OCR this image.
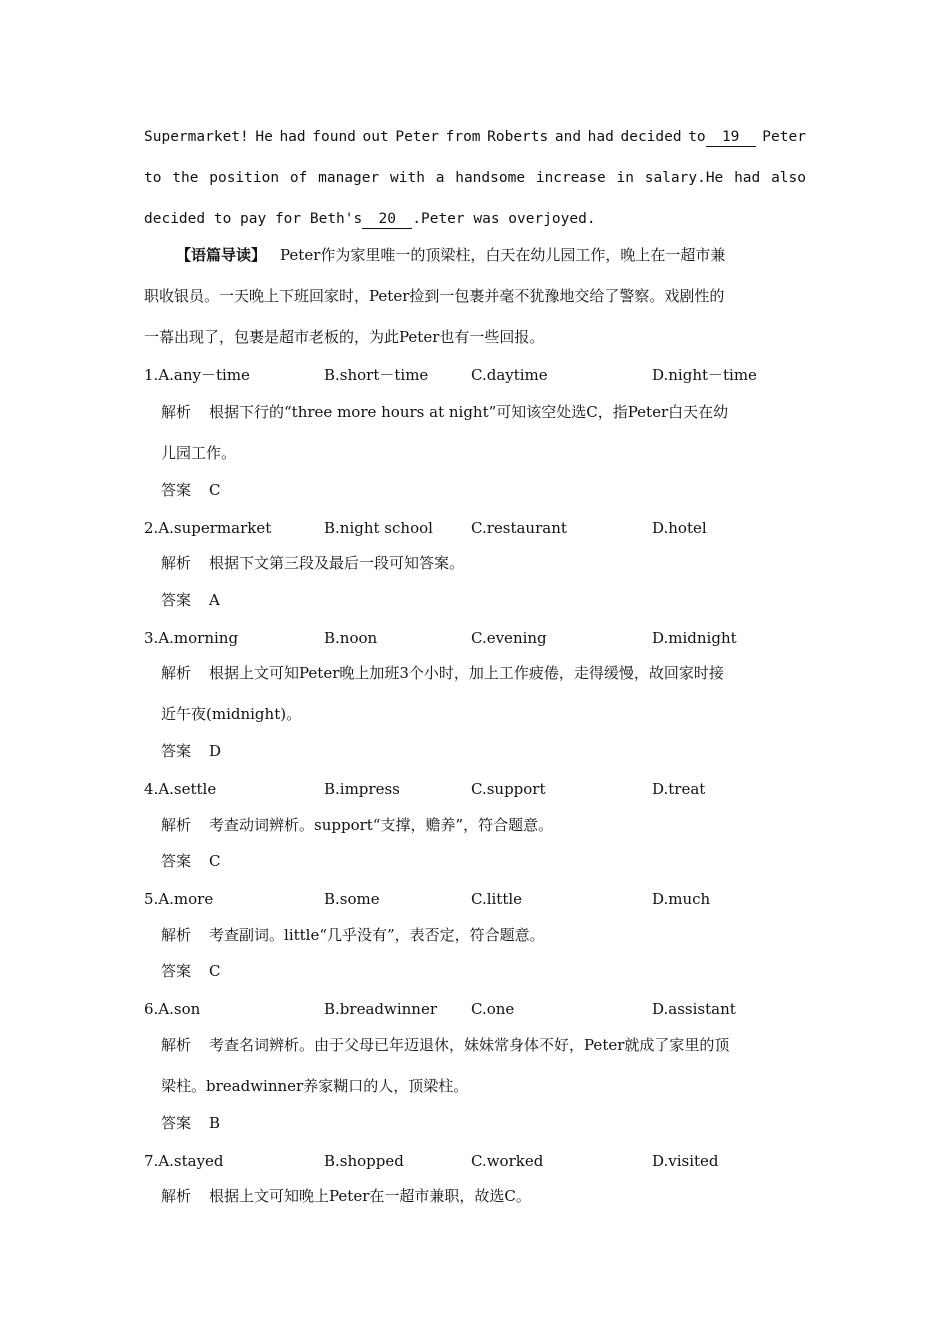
Supermarket! He had found out Peter from Roberts and had decided to 19	Peter
to the position of manager with a handsome increase in salary.He had also
decided to pay for Beth's 20 .Peter was overjoyed.
【语篇导读】 Peter作为家里唯一的顶梁柱，白天在幼儿园工作，晚上在一超市兼
职收银员。一天晚上下班回家时，Peter捡到一包裹并毫不犹豫地交给了警察。戏剧性的
一幕出现了，包裹是超市老板的，为此Peter也有一些回报。
1.A.any－time	B.short－time	C.daytime	D.night－time
解析 根据下行的“three more hours at night”可知该空处选C，指Peter白天在幼
儿园工作。
答案 C
2.A.supermarket	B.night school	C.restaurant	D.hotel
解析 根据下文第三段及最后一段可知答案。
答案 A
3.A.morning	B.noon	C.evening	D.midnight
解析 根据上文可知Peter晚上加班3个小时，加上工作疲倦，走得缓慢，故回家时接
近午夜(midnight)。
答案 D
4.A.settle	B.impress	C.support	D.treat
解析 考查动词辨析。support“支撑，赡养”，符合题意。
答案 C
5.A.more	B.some	C.little	D.much
解析 考查副词。little“几乎没有”，表否定，符合题意。
答案 C
6.A.son	B.breadwinner C.one	D.assistant
解析 考查名词辨析。由于父母已年迈退休，妹妹常身体不好，Peter就成了家里的顶
梁柱。breadwinner养家糊口的人，顶梁柱。
答案 B
7.A.stayed	B.shopped	C.worked	D.visited
解析 根据上文可知晚上Peter在一超市兼职，故选C。
